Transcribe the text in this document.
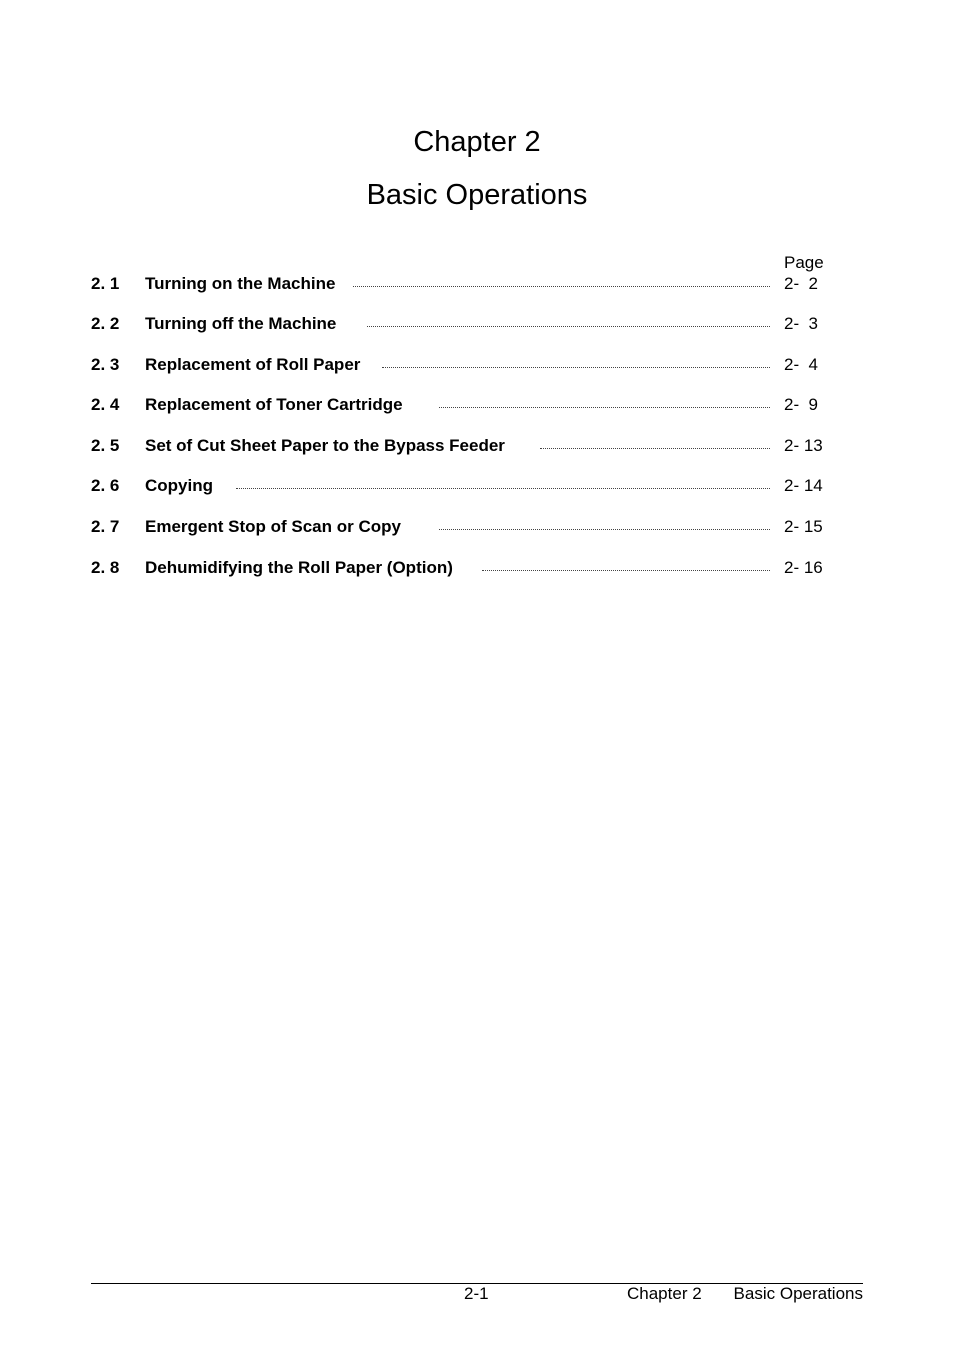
Chapter 2
Basic Operations
Page
2. 1 Turning on the Machine	2-  2
2. 2 Turning off the Machine	2-  3
2. 3 Replacement of Roll Paper	2-  4
2. 4 Replacement of Toner Cartridge	2-  9
2. 5 Set of Cut Sheet Paper to the Bypass Feeder	2- 13
2. 6 Copying	2- 14
2. 7 Emergent Stop of Scan or Copy	2- 15
2. 8 Dehumidifying the Roll Paper (Option)	2- 16
2-1	Chapter 2 Basic Operations
